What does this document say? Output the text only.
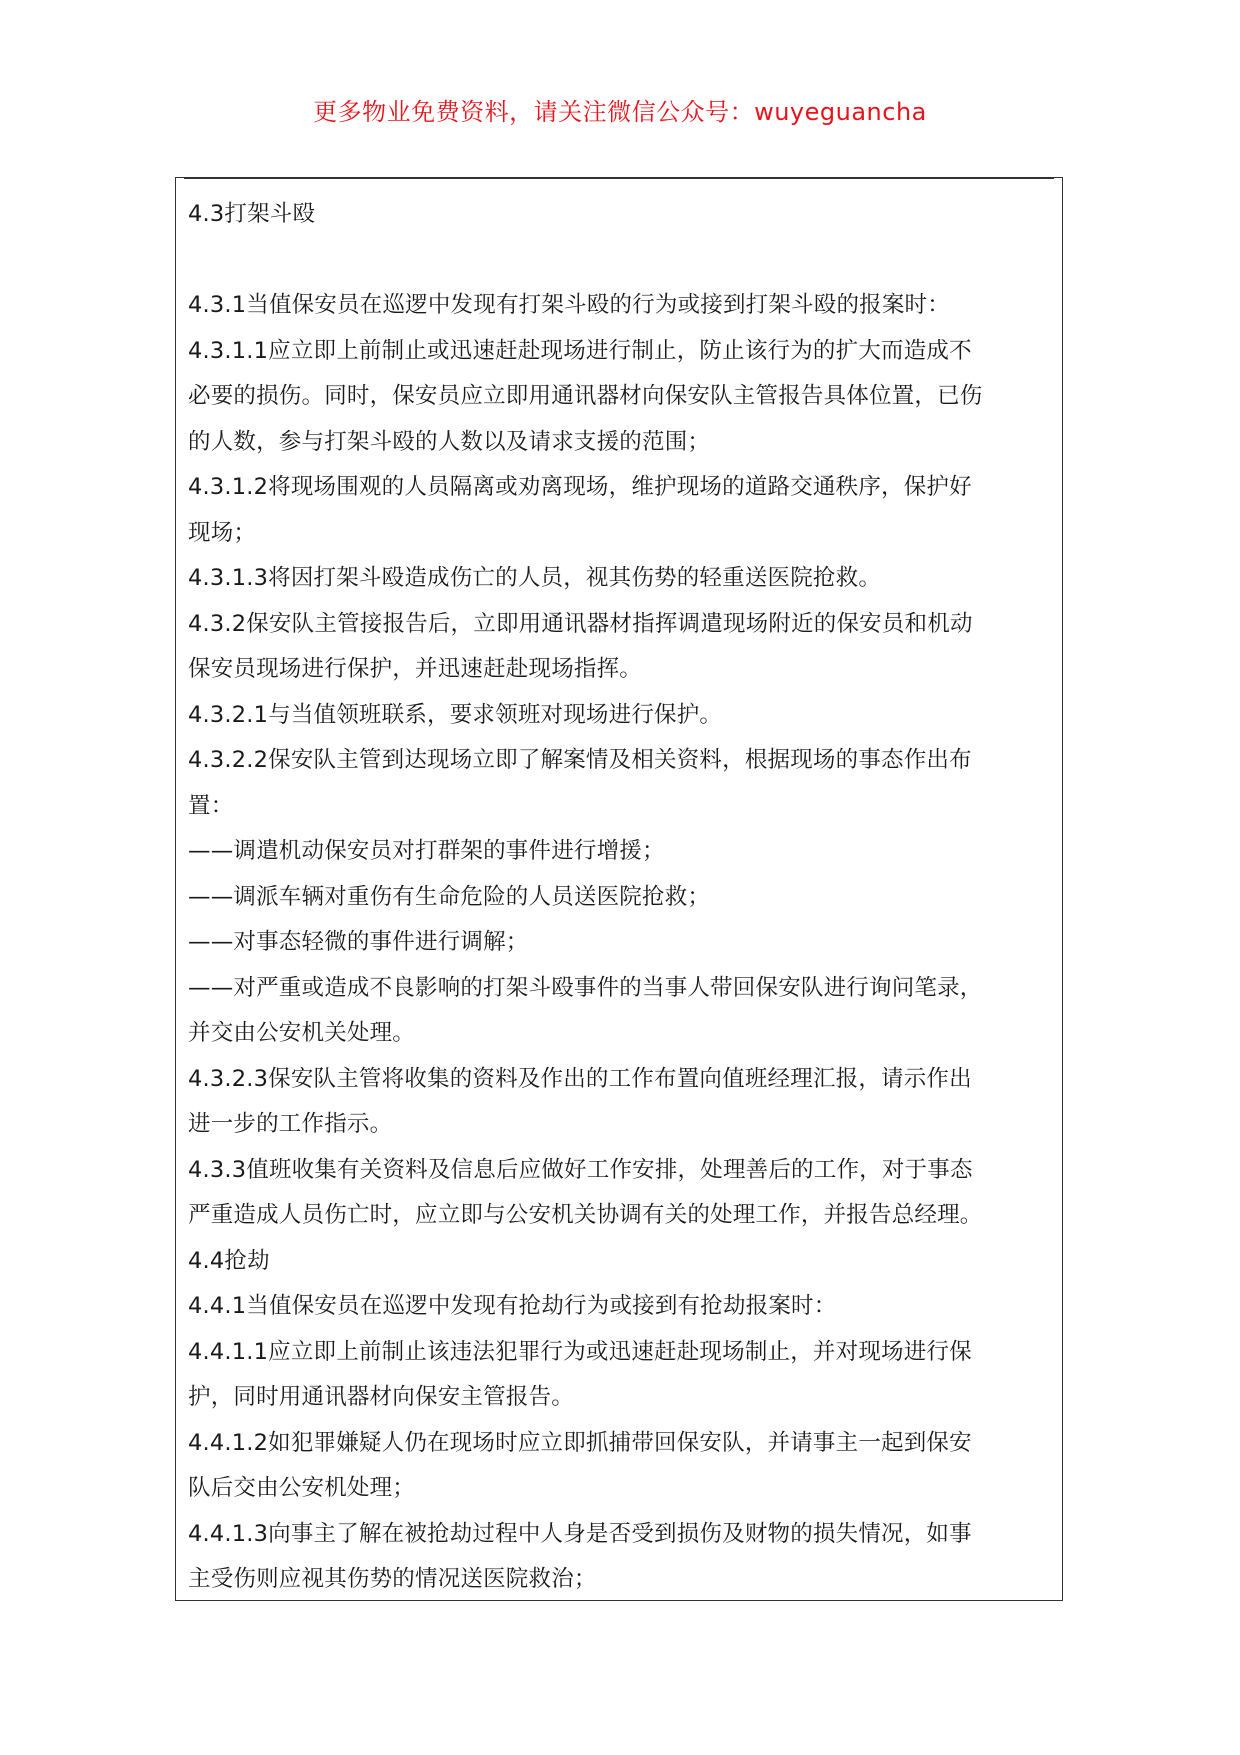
更多物业免费资料，请关注微信公众号：wuyeguancha
4.3打架斗殴
4.3.1当值保安员在巡逻中发现有打架斗殴的行为或接到打架斗殴的报案时：
4.3.1.1应立即上前制止或迅速赶赴现场进行制止，防止该行为的扩大而造成不
必要的损伤。同时，保安员应立即用通讯器材向保安队主管报告具体位置，已伤
的人数，参与打架斗殴的人数以及请求支援的范围；
4.3.1.2将现场围观的人员隔离或劝离现场，维护现场的道路交通秩序，保护好
现场；
4.3.1.3将因打架斗殴造成伤亡的人员，视其伤势的轻重送医院抢救。
4.3.2保安队主管接报告后，立即用通讯器材指挥调遣现场附近的保安员和机动
保安员现场进行保护，并迅速赶赴现场指挥。
4.3.2.1与当值领班联系，要求领班对现场进行保护。
4.3.2.2保安队主管到达现场立即了解案情及相关资料，根据现场的事态作出布
置：
——调遣机动保安员对打群架的事件进行增援；
——调派车辆对重伤有生命危险的人员送医院抢救；
——对事态轻微的事件进行调解；
——对严重或造成不良影响的打架斗殴事件的当事人带回保安队进行询问笔录，
并交由公安机关处理。
4.3.2.3保安队主管将收集的资料及作出的工作布置向值班经理汇报，请示作出
进一步的工作指示。
4.3.3值班收集有关资料及信息后应做好工作安排，处理善后的工作，对于事态
严重造成人员伤亡时，应立即与公安机关协调有关的处理工作，并报告总经理。
4.4抢劫
4.4.1当值保安员在巡逻中发现有抢劫行为或接到有抢劫报案时：
4.4.1.1应立即上前制止该违法犯罪行为或迅速赶赴现场制止，并对现场进行保
护，同时用通讯器材向保安主管报告。
4.4.1.2如犯罪嫌疑人仍在现场时应立即抓捕带回保安队，并请事主一起到保安
队后交由公安机处理；
4.4.1.3向事主了解在被抢劫过程中人身是否受到损伤及财物的损失情况，如事
主受伤则应视其伤势的情况送医院救治；
